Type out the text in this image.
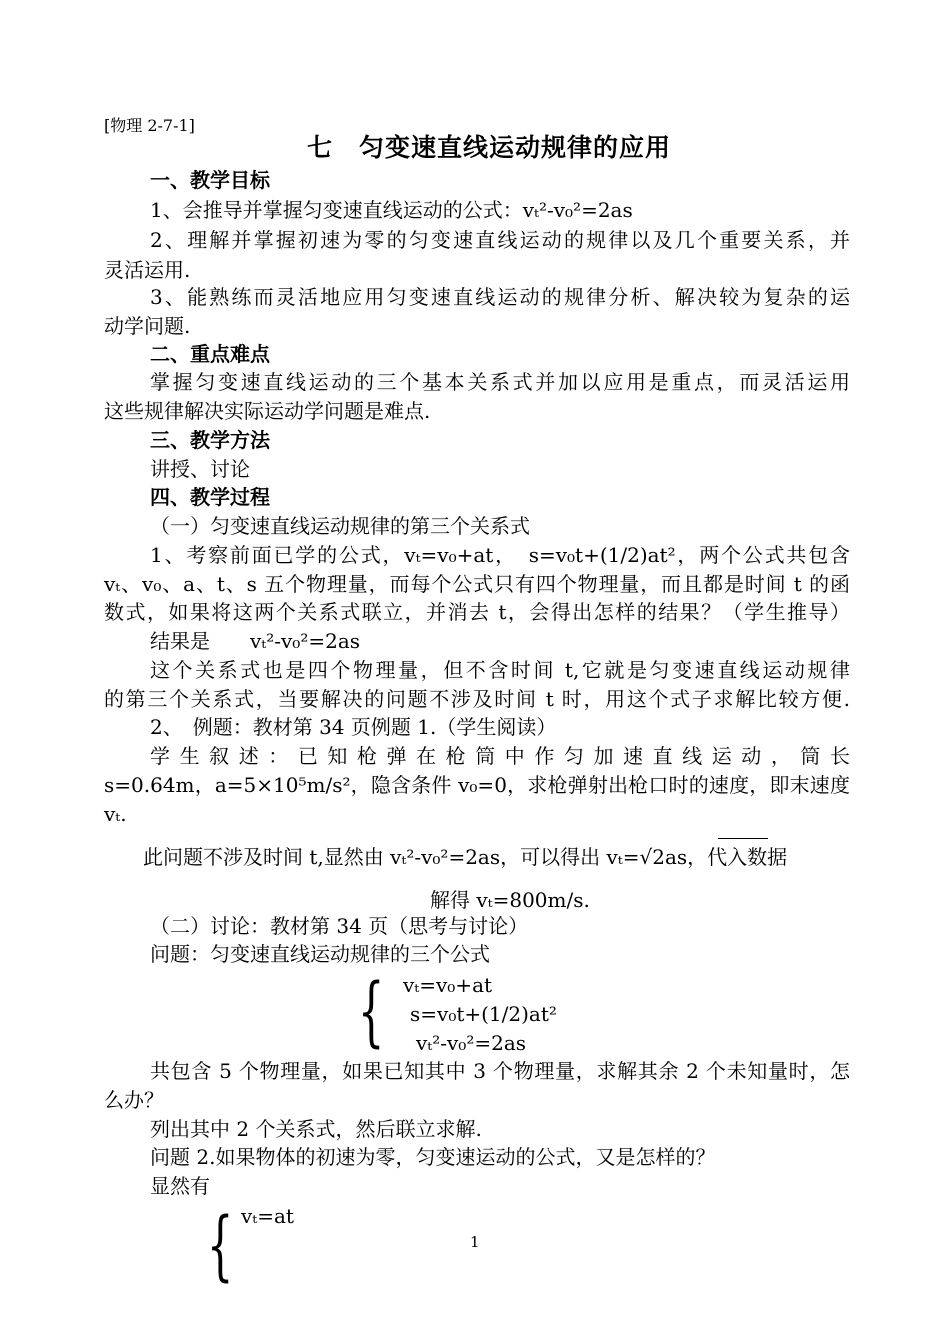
[物理 2-7-1]
七　匀变速直线运动规律的应用
一、教学目标
1、会推导并掌握匀变速直线运动的公式：vₜ²-v₀²=2as
2、理解并掌握初速为零的匀变速直线运动的规律以及几个重要关系，并
灵活运用.
3、能熟练而灵活地应用匀变速直线运动的规律分析、解决较为复杂的运
动学问题.
二、重点难点
掌握匀变速直线运动的三个基本关系式并加以应用是重点，而灵活运用
这些规律解决实际运动学问题是难点.
三、教学方法
讲授、讨论
四、教学过程
（一）匀变速直线运动规律的第三个关系式
1、考察前面已学的公式，vₜ=v₀+at，　s=v₀t+(1/2)at²，两个公式共包含
vₜ、v₀、a、t、s 五个物理量，而每个公式只有四个物理量，而且都是时间 t 的函
数式，如果将这两个关系式联立，并消去 t，会得出怎样的结果？（学生推导）
结果是　　vₜ²-v₀²=2as
这个关系式也是四个物理量，但不含时间 t,它就是匀变速直线运动规律
的第三个关系式，当要解决的问题不涉及时间 t 时，用这个式子求解比较方便.
2、　例题：教材第 34 页例题 1.（学生阅读）
学 生 叙 述 ： 已 知 枪 弹 在 枪 筒 中 作 匀 加 速 直 线 运 动 ， 筒 长
s=0.64m，a=5×10⁵m/s²，隐含条件 v₀=0，求枪弹射出枪口时的速度，即末速度
vₜ.
此问题不涉及时间 t,显然由 vₜ²-v₀²=2as，可以得出 vₜ=√2as，代入数据
解得 vₜ=800m/s.
（二）讨论：教材第 34 页（思考与讨论）
问题：匀变速直线运动规律的三个公式
{ vₜ=v₀+at
s=v₀t+(1/2)at²
vₜ²-v₀²=2as
共包含 5 个物理量，如果已知其中 3 个物理量，求解其余 2 个未知量时，怎
么办？
列出其中 2 个关系式，然后联立求解.
问题 2.如果物体的初速为零，匀变速运动的公式，又是怎样的？
显然有
{ vₜ=at
1
